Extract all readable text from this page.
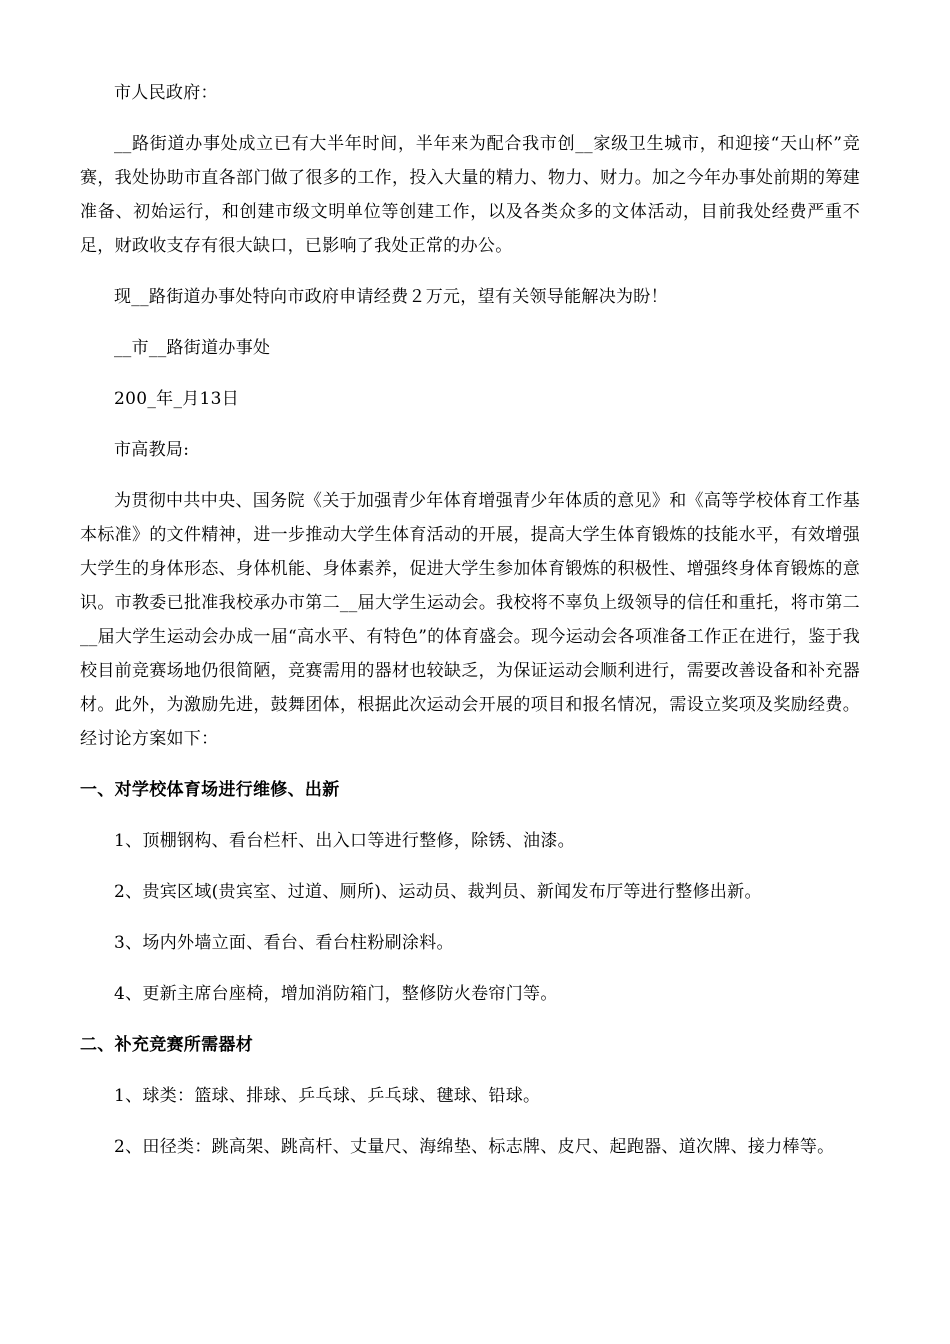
市人民政府：

__路街道办事处成立已有大半年时间，半年来为配合我市创__家级卫生城市，和迎接“天山杯”竞赛，我处协助市直各部门做了很多的工作，投入大量的精力、物力、财力。加之今年办事处前期的筹建准备、初始运行，和创建市级文明单位等创建工作，以及各类众多的文体活动，目前我处经费严重不足，财政收支存有很大缺口，已影响了我处正常的办公。

现__路街道办事处特向市政府申请经费２万元，望有关领导能解决为盼！

__市__路街道办事处

200_年_月13日

市高教局:

为贯彻中共中央、国务院《关于加强青少年体育增强青少年体质的意见》和《高等学校体育工作基本标准》的文件精神，进一步推动大学生体育活动的开展，提高大学生体育锻炼的技能水平，有效增强大学生的身体形态、身体机能、身体素养，促进大学生参加体育锻炼的积极性、增强终身体育锻炼的意识。市教委已批准我校承办市第二__届大学生运动会。我校将不辜负上级领导的信任和重托，将市第二__届大学生运动会办成一届“高水平、有特色”的体育盛会。现今运动会各项准备工作正在进行，鉴于我校目前竞赛场地仍很简陋，竞赛需用的器材也较缺乏，为保证运动会顺利进行，需要改善设备和补充器材。此外，为激励先进，鼓舞团体，根据此次运动会开展的项目和报名情况，需设立奖项及奖励经费。经讨论方案如下：

一、对学校体育场进行维修、出新

1、顶棚钢构、看台栏杆、出入口等进行整修，除锈、油漆。

2、贵宾区域(贵宾室、过道、厕所)、运动员、裁判员、新闻发布厅等进行整修出新。

3、场内外墙立面、看台、看台柱粉刷涂料。

4、更新主席台座椅，增加消防箱门，整修防火卷帘门等。

二、补充竞赛所需器材

1、球类：篮球、排球、乒乓球、乒乓球、毽球、铅球。

2、田径类：跳高架、跳高杆、丈量尺、海绵垫、标志牌、皮尺、起跑器、道次牌、接力棒等。
